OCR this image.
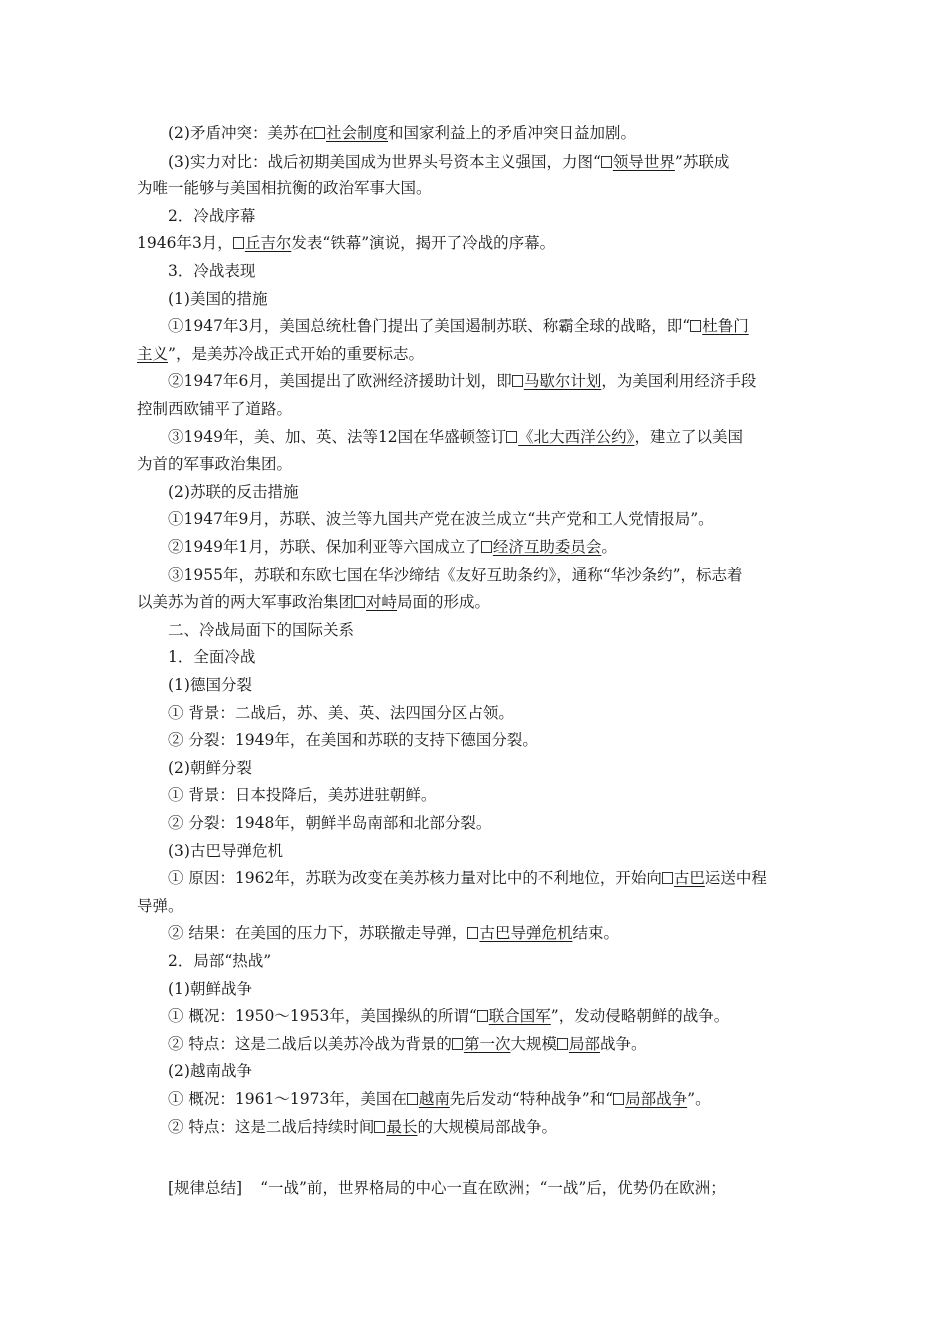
(2)矛盾冲突：美苏在 社会制度和国家利益上的矛盾冲突日益加剧。
(3)实力对比：战后初期美国成为世界头号资本主义强国，力图“ 领导世界”苏联成
为唯一能够与美国相抗衡的政治军事大国。
2．冷战序幕
1946年3月， 丘吉尔发表“铁幕”演说，揭开了冷战的序幕。
3．冷战表现
(1)美国的措施
①1947年3月，美国总统杜鲁门提出了美国遏制苏联、称霸全球的战略，即“ 杜鲁门
主义”，是美苏冷战正式开始的重要标志。
②1947年6月，美国提出了欧洲经济援助计划，即 马歇尔计划，为美国利用经济手段
控制西欧铺平了道路。
③1949年，美、加、英、法等12国在华盛顿签订 《北大西洋公约》，建立了以美国
为首的军事政治集团。
(2)苏联的反击措施
①1947年9月，苏联、波兰等九国共产党在波兰成立“共产党和工人党情报局”。
②1949年1月，苏联、保加利亚等六国成立了 经济互助委员会。
③1955年，苏联和东欧七国在华沙缔结《友好互助条约》，通称“华沙条约”，标志着
以美苏为首的两大军事政治集团 对峙局面的形成。
二、冷战局面下的国际关系
1．全面冷战
(1)德国分裂
① 背景：二战后，苏、美、英、法四国分区占领。
② 分裂：1949年，在美国和苏联的支持下德国分裂。
(2)朝鲜分裂
① 背景：日本投降后，美苏进驻朝鲜。
② 分裂：1948年，朝鲜半岛南部和北部分裂。
(3)古巴导弹危机
① 原因：1962年，苏联为改变在美苏核力量对比中的不利地位，开始向 古巴运送中程
导弹。
② 结果：在美国的压力下，苏联撤走导弹， 古巴导弹危机结束。
2．局部“热战”
(1)朝鲜战争
① 概况：1950～1953年，美国操纵的所谓“ 联合国军”，发动侵略朝鲜的战争。
② 特点：这是二战后以美苏冷战为背景的 第一次大规模 局部战争。
(2)越南战争
① 概况：1961～1973年，美国在 越南先后发动“特种战争”和“ 局部战争”。
② 特点：这是二战后持续时间 最长的大规模局部战争。
[规律总结] “一战”前，世界格局的中心一直在欧洲；“一战”后，优势仍在欧洲；
